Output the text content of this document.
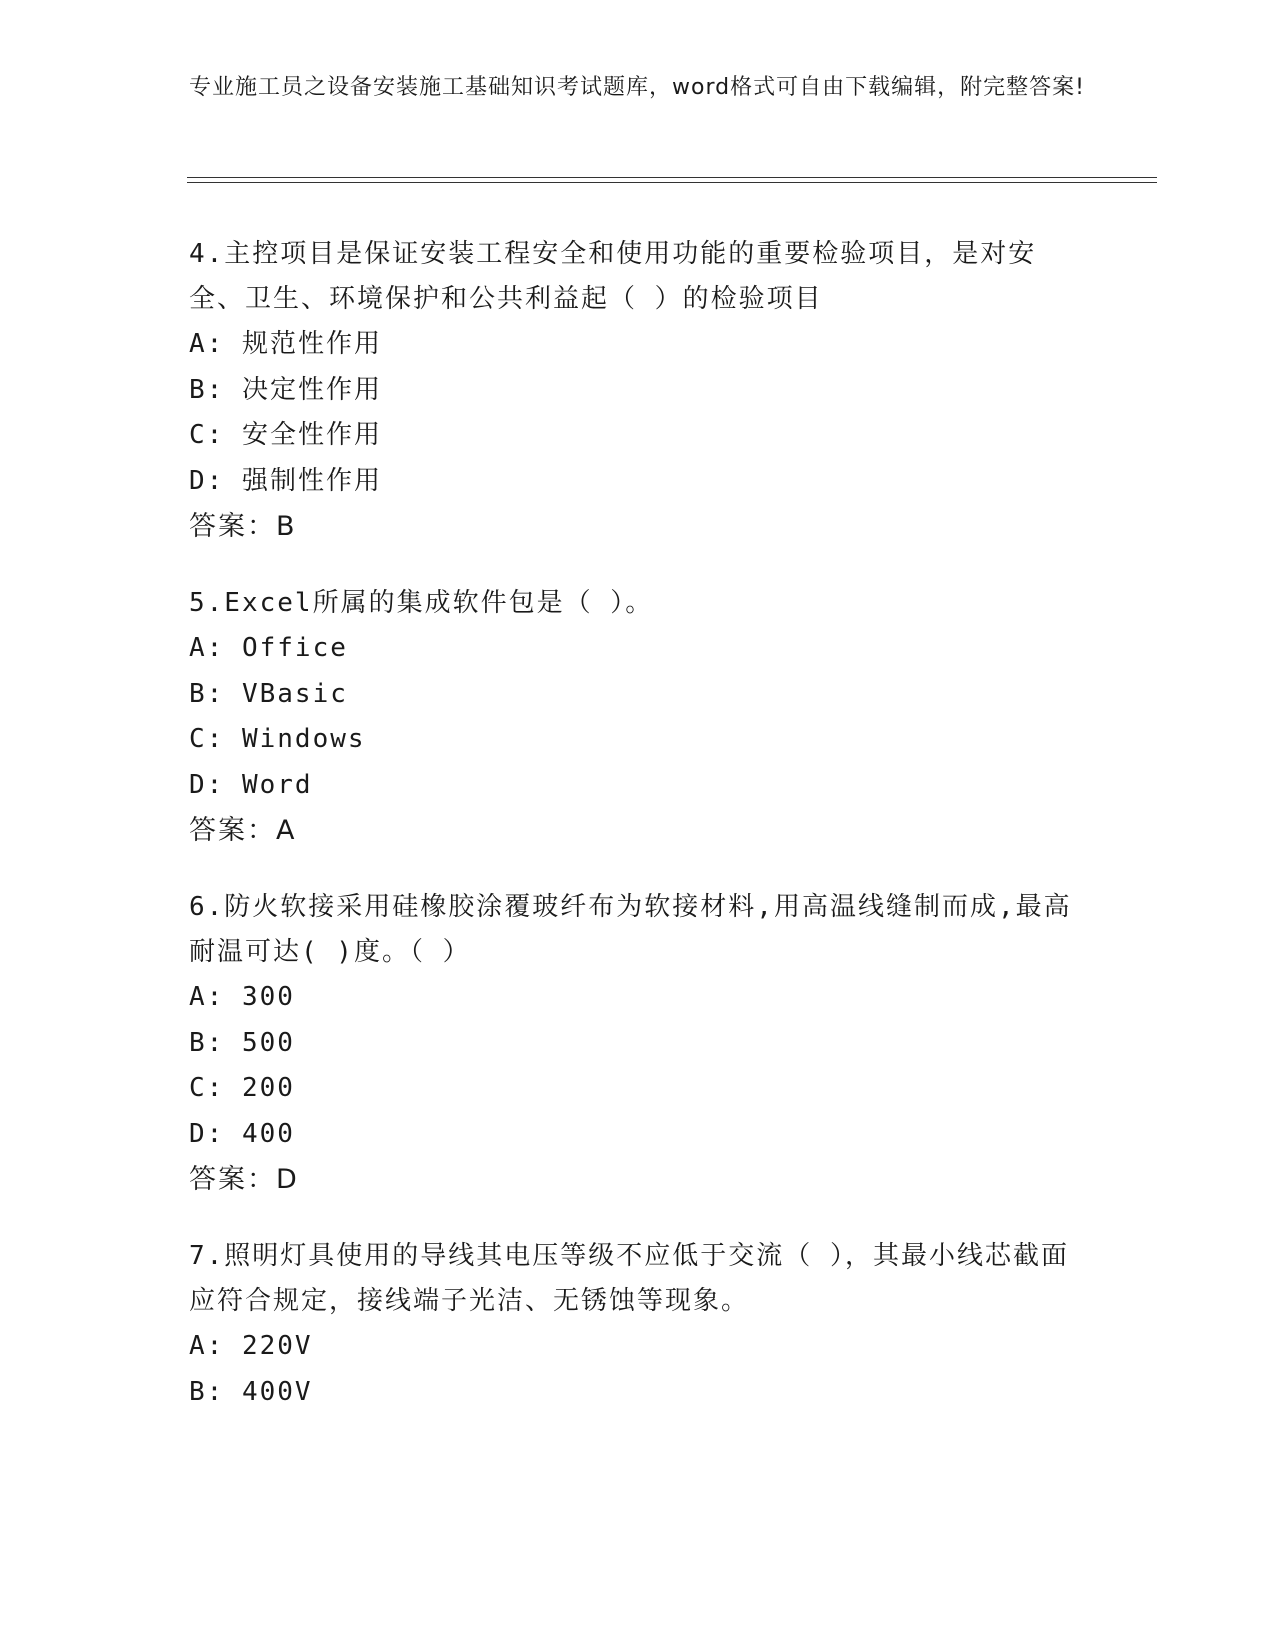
专业施工员之设备安装施工基础知识考试题库，word格式可自由下载编辑，附完整答案!

4.主控项目是保证安装工程安全和使用功能的重要检验项目，是对安全、卫生、环境保护和公共利益起（ ）的检验项目

A: 规范性作用

B: 决定性作用

C: 安全性作用

D: 强制性作用

答案：B

5.Excel所属的集成软件包是（ ）。

A: Office

B: VBasic

C: Windows

D: Word

答案：A

6.防火软接采用硅橡胶涂覆玻纤布为软接材料,用高温线缝制而成,最高耐温可达( )度。（ ）

A: 300

B: 500

C: 200

D: 400

答案：D

7.照明灯具使用的导线其电压等级不应低于交流（ ），其最小线芯截面应符合规定，接线端子光洁、无锈蚀等现象。

A: 220V

B: 400V
